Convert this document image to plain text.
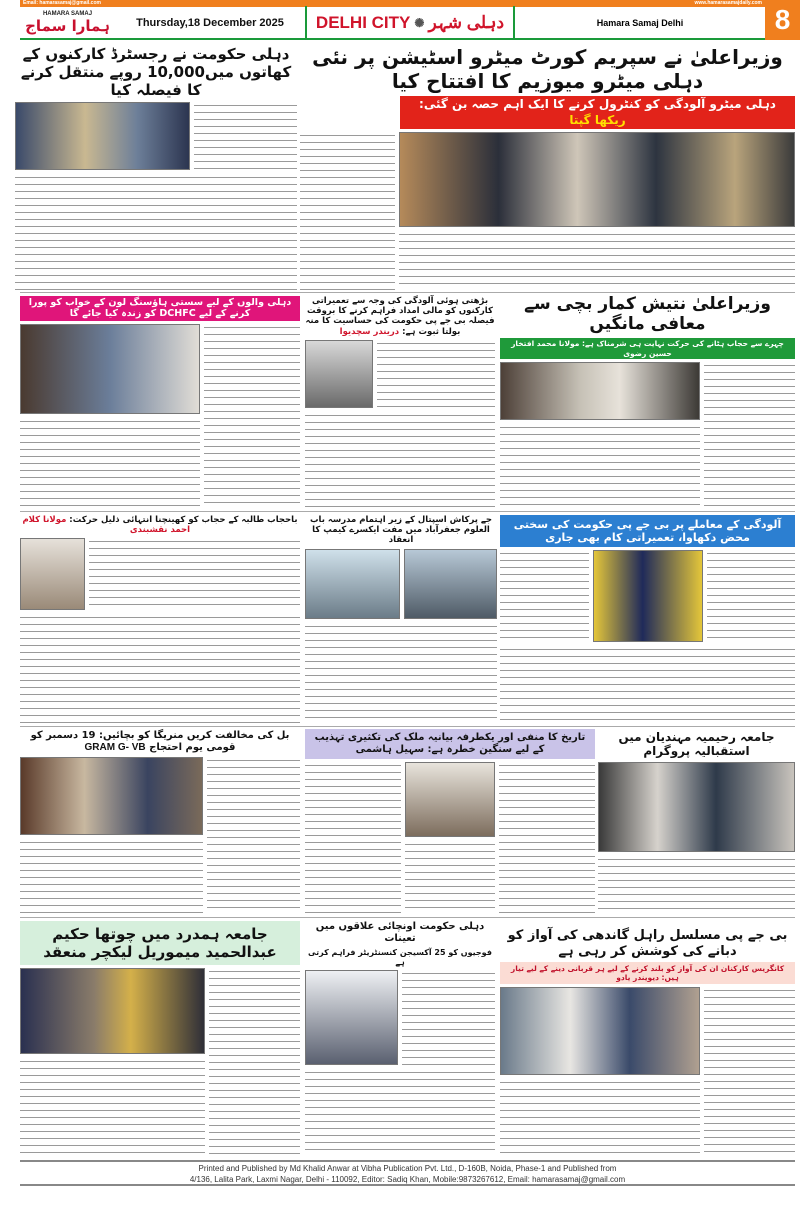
Email: hamarasamaj@gmail.com	www.hamarasamajdaily.com
HAMARA SAMAJ
ہمارا سماج	Thursday,18 December 2025	DELHI CITY ✺ دہلی شہر	Hamara Samaj Delhi	8
دہلی حکومت نے رجسٹرڈ کارکنوں کے کھاتوں میں10,000 روپے منتقل کرنے کا فیصلہ کیا
وزیراعلیٰ نے سپریم کورٹ میٹرو اسٹیشن پر نئی دہلی میٹرو میوزیم کا افتتاح کیا
دہلی میٹرو آلودگی کو کنٹرول کرنے کا ایک اہم حصہ بن گئی: ریکھا گپتا
دہلی والوں کے لیے سستی ہاؤسنگ لون کے خواب کو پورا کرنے کے لیے DCHFC کو زندہ کیا جائے گا
بڑھتی ہوئی آلودگی کی وجہ سے تعمیراتی کارکنوں کو مالی امداد فراہم کرنے کا بروقت فیصلہ بی جے پی حکومت کی حساسیت کا منہ بولتا ثبوت ہے: دریندر سچدیوا
وزیراعلیٰ نتیش کمار بچی سے معافی مانگیں
چہرے سے حجاب ہٹانے کی حرکت نہایت ہی شرمناک ہے: مولانا محمد افتخار حسین رضوی
باحجاب طالبہ کے حجاب کو کھینچنا انتہائی ذلیل حرکت: مولانا کلام احمد نقشبندی
جے پرکاش اسپتال کے زیر اہتمام مدرسہ باب العلوم جعفرآباد میں مفت ایکسرے کیمپ کا انعقاد
آلودگی کے معاملے پر بی جے پی حکومت کی سختی محض دکھاوا، تعمیراتی کام بھی جاری
بل کی مخالفت کریں منریگا کو بچائیں: 19 دسمبر کو قومی یوم احتجاج GRAM G- VB
تاریخ کا منفی اور یکطرفہ بیانیہ ملک کی تکثیری تہذیب کے لیے سنگین خطرہ ہے: سہیل ہاشمی
جامعہ رحیمیہ مہندیان میں استقبالیہ پروگرام
جامعہ ہمدرد میں چوتھا حکیم عبدالحمید میموریل لیکچر منعقد
دہلی حکومت اونچائی علاقوں میں تعینات
فوجیوں کو 25 آکسیجن کنسنٹریٹر فراہم کرتی ہے
بی جے پی مسلسل راہل گاندھی کی آواز کو دبانے کی کوشش کر رہی ہے
کانگریس کارکنان ان کی آواز کو بلند کرنے کے لیے ہر قربانی دینے کے لیے تیار ہیں: دیویندر یادو
Printed and Published by Md Khalid Anwar at Vibha Publication Pvt. Ltd., D-160B, Noida, Phase-1 and Published from
4/136, Lalita Park, Laxmi Nagar, Delhi - 110092, Editor: Sadiq Khan, Mobile:9873267612, Email: hamarasamaj@gmail.com
